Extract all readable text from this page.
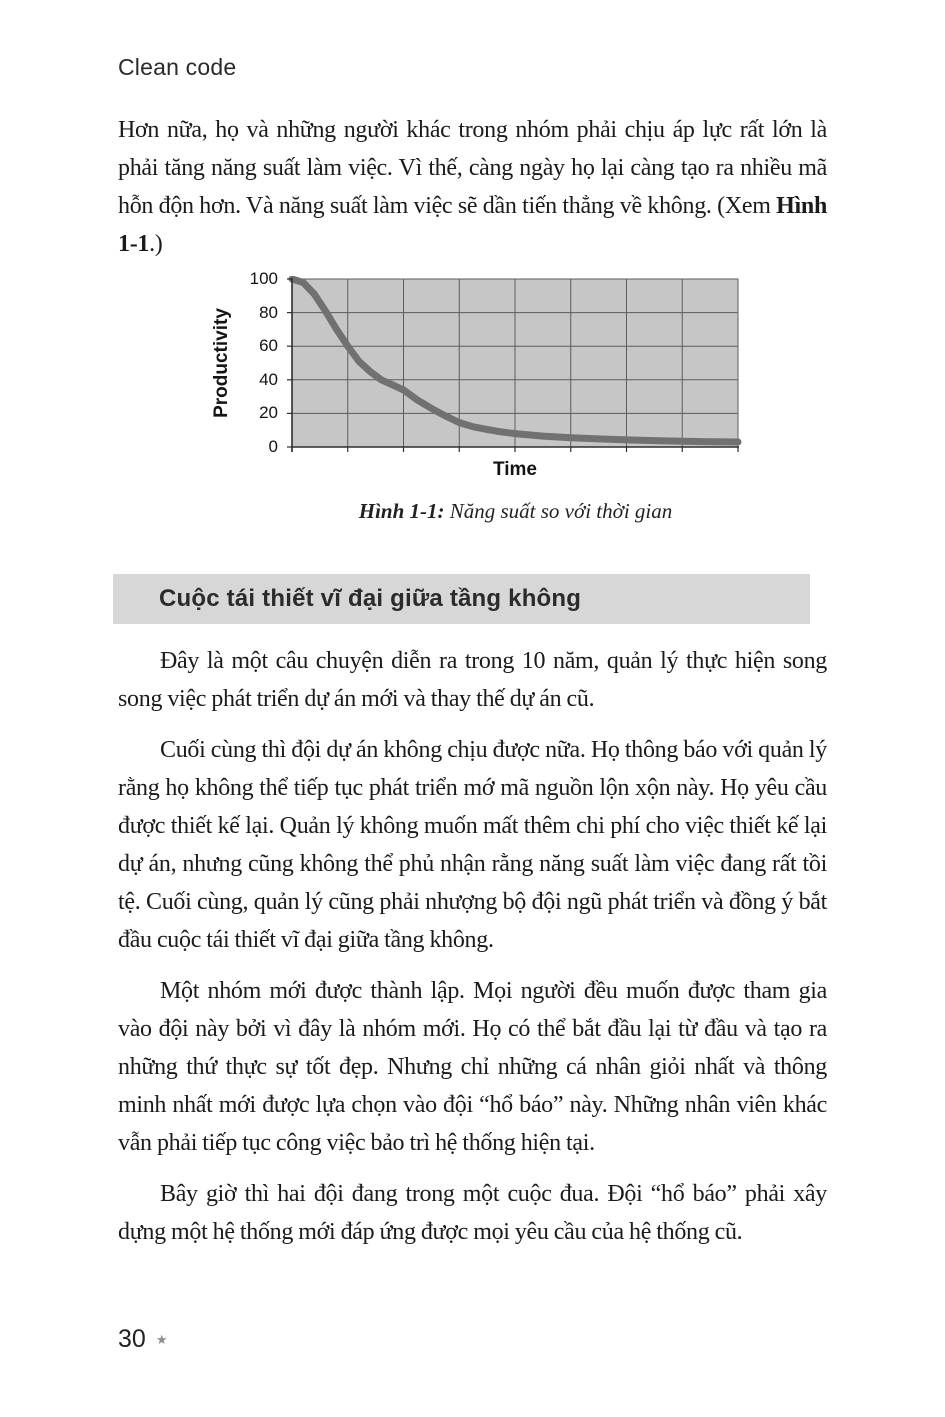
Clean code

Hơn nữa, họ và những người khác trong nhóm phải chịu áp lực rất lớn là phải tăng năng suất làm việc. Vì thế, càng ngày họ lại càng tạo ra nhiều mã hỗn độn hơn. Và năng suất làm việc sẽ dần tiến thẳng về không. (Xem Hình 1-1.)

Productivity
100
80
60
40
20
0
Time
Hình 1-1: Năng suất so với thời gian
Cuộc tái thiết vĩ đại giữa tầng không

Đây là một câu chuyện diễn ra trong 10 năm, quản lý thực hiện song song việc phát triển dự án mới và thay thế dự án cũ.

Cuối cùng thì đội dự án không chịu được nữa. Họ thông báo với quản lý rằng họ không thể tiếp tục phát triển mớ mã nguồn lộn xộn này. Họ yêu cầu được thiết kế lại. Quản lý không muốn mất thêm chi phí cho việc thiết kế lại dự án, nhưng cũng không thể phủ nhận rằng năng suất làm việc đang rất tồi tệ. Cuối cùng, quản lý cũng phải nhượng bộ đội ngũ phát triển và đồng ý bắt đầu cuộc tái thiết vĩ đại giữa tầng không.

Một nhóm mới được thành lập. Mọi người đều muốn được tham gia vào đội này bởi vì đây là nhóm mới. Họ có thể bắt đầu lại từ đầu và tạo ra những thứ thực sự tốt đẹp. Nhưng chỉ những cá nhân giỏi nhất và thông minh nhất mới được lựa chọn vào đội “hổ báo” này. Những nhân viên khác vẫn phải tiếp tục công việc bảo trì hệ thống hiện tại.

Bây giờ thì hai đội đang trong một cuộc đua. Đội “hổ báo” phải xây dựng một hệ thống mới đáp ứng được mọi yêu cầu của hệ thống cũ.

30 ★
